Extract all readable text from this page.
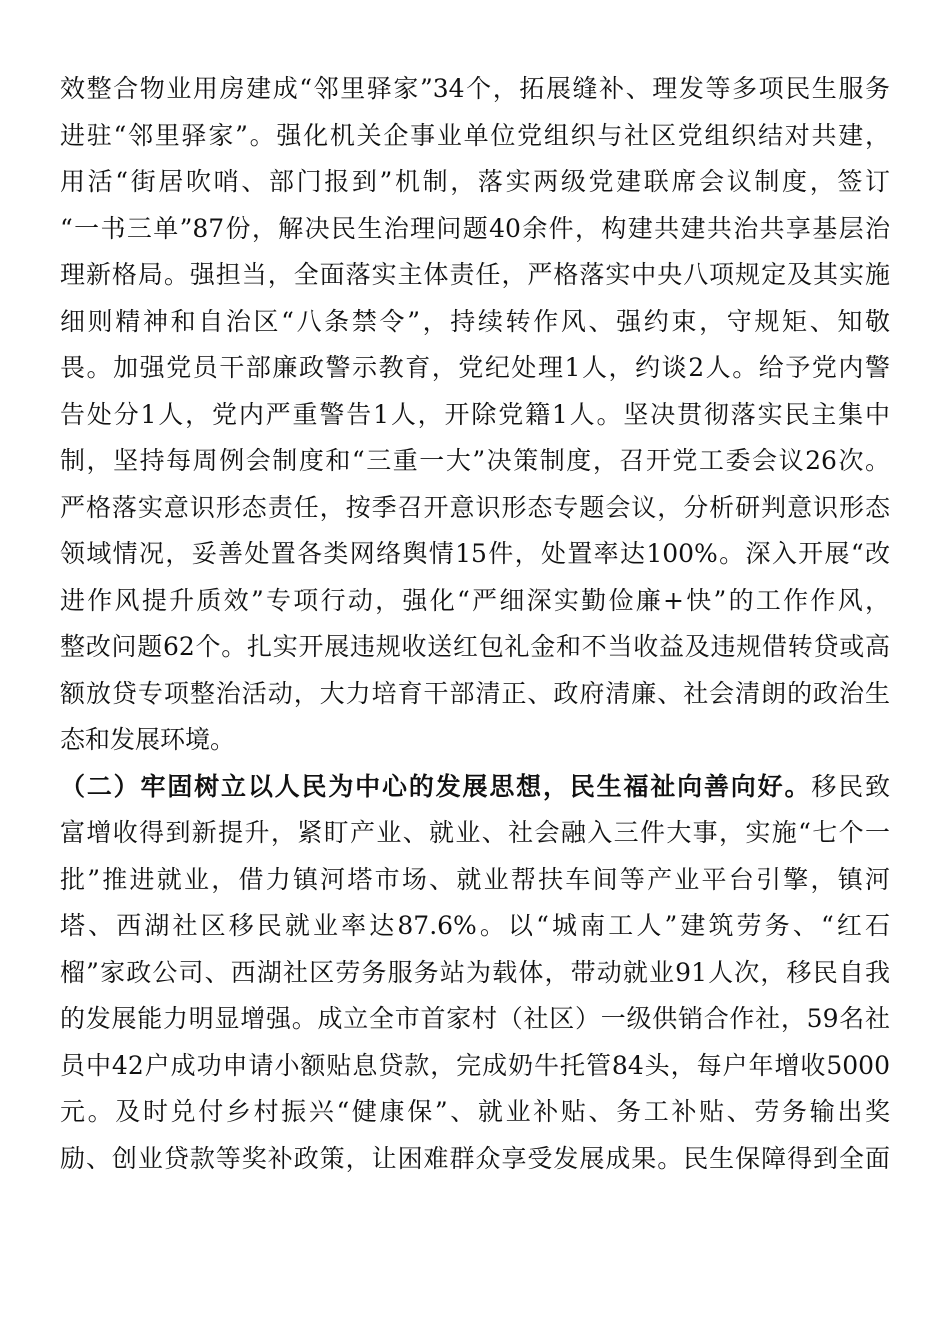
效整合物业用房建成“邻里驿家”34个，拓展缝补、理发等多项民生服务
进驻“邻里驿家”。强化机关企事业单位党组织与社区党组织结对共建，
用活“街居吹哨、部门报到”机制，落实两级党建联席会议制度，签订
“一书三单”87份，解决民生治理问题40余件，构建共建共治共享基层治
理新格局。强担当，全面落实主体责任，严格落实中央八项规定及其实施
细则精神和自治区“八条禁令”，持续转作风、强约束，守规矩、知敬
畏。加强党员干部廉政警示教育，党纪处理1人，约谈2人。给予党内警
告处分1人，党内严重警告1人，开除党籍1人。坚决贯彻落实民主集中
制，坚持每周例会制度和“三重一大”决策制度，召开党工委会议26次。
严格落实意识形态责任，按季召开意识形态专题会议，分析研判意识形态
领域情况，妥善处置各类网络舆情15件，处置率达100%。深入开展“改
进作风提升质效”专项行动，强化“严细深实勤俭廉+快”的工作作风，
整改问题62个。扎实开展违规收送红包礼金和不当收益及违规借转贷或高
额放贷专项整治活动，大力培育干部清正、政府清廉、社会清朗的政治生
态和发展环境。
（二）牢固树立以人民为中心的发展思想，民生福祉向善向好。移民致
富增收得到新提升，紧盯产业、就业、社会融入三件大事，实施“七个一
批”推进就业，借力镇河塔市场、就业帮扶车间等产业平台引擎，镇河
塔、西湖社区移民就业率达87.6%。以“城南工人”建筑劳务、“红石
榴”家政公司、西湖社区劳务服务站为载体，带动就业91人次，移民自我
的发展能力明显增强。成立全市首家村（社区）一级供销合作社，59名社
员中42户成功申请小额贴息贷款，完成奶牛托管84头，每户年增收5000
元。及时兑付乡村振兴“健康保”、就业补贴、务工补贴、劳务输出奖
励、创业贷款等奖补政策，让困难群众享受发展成果。民生保障得到全面
